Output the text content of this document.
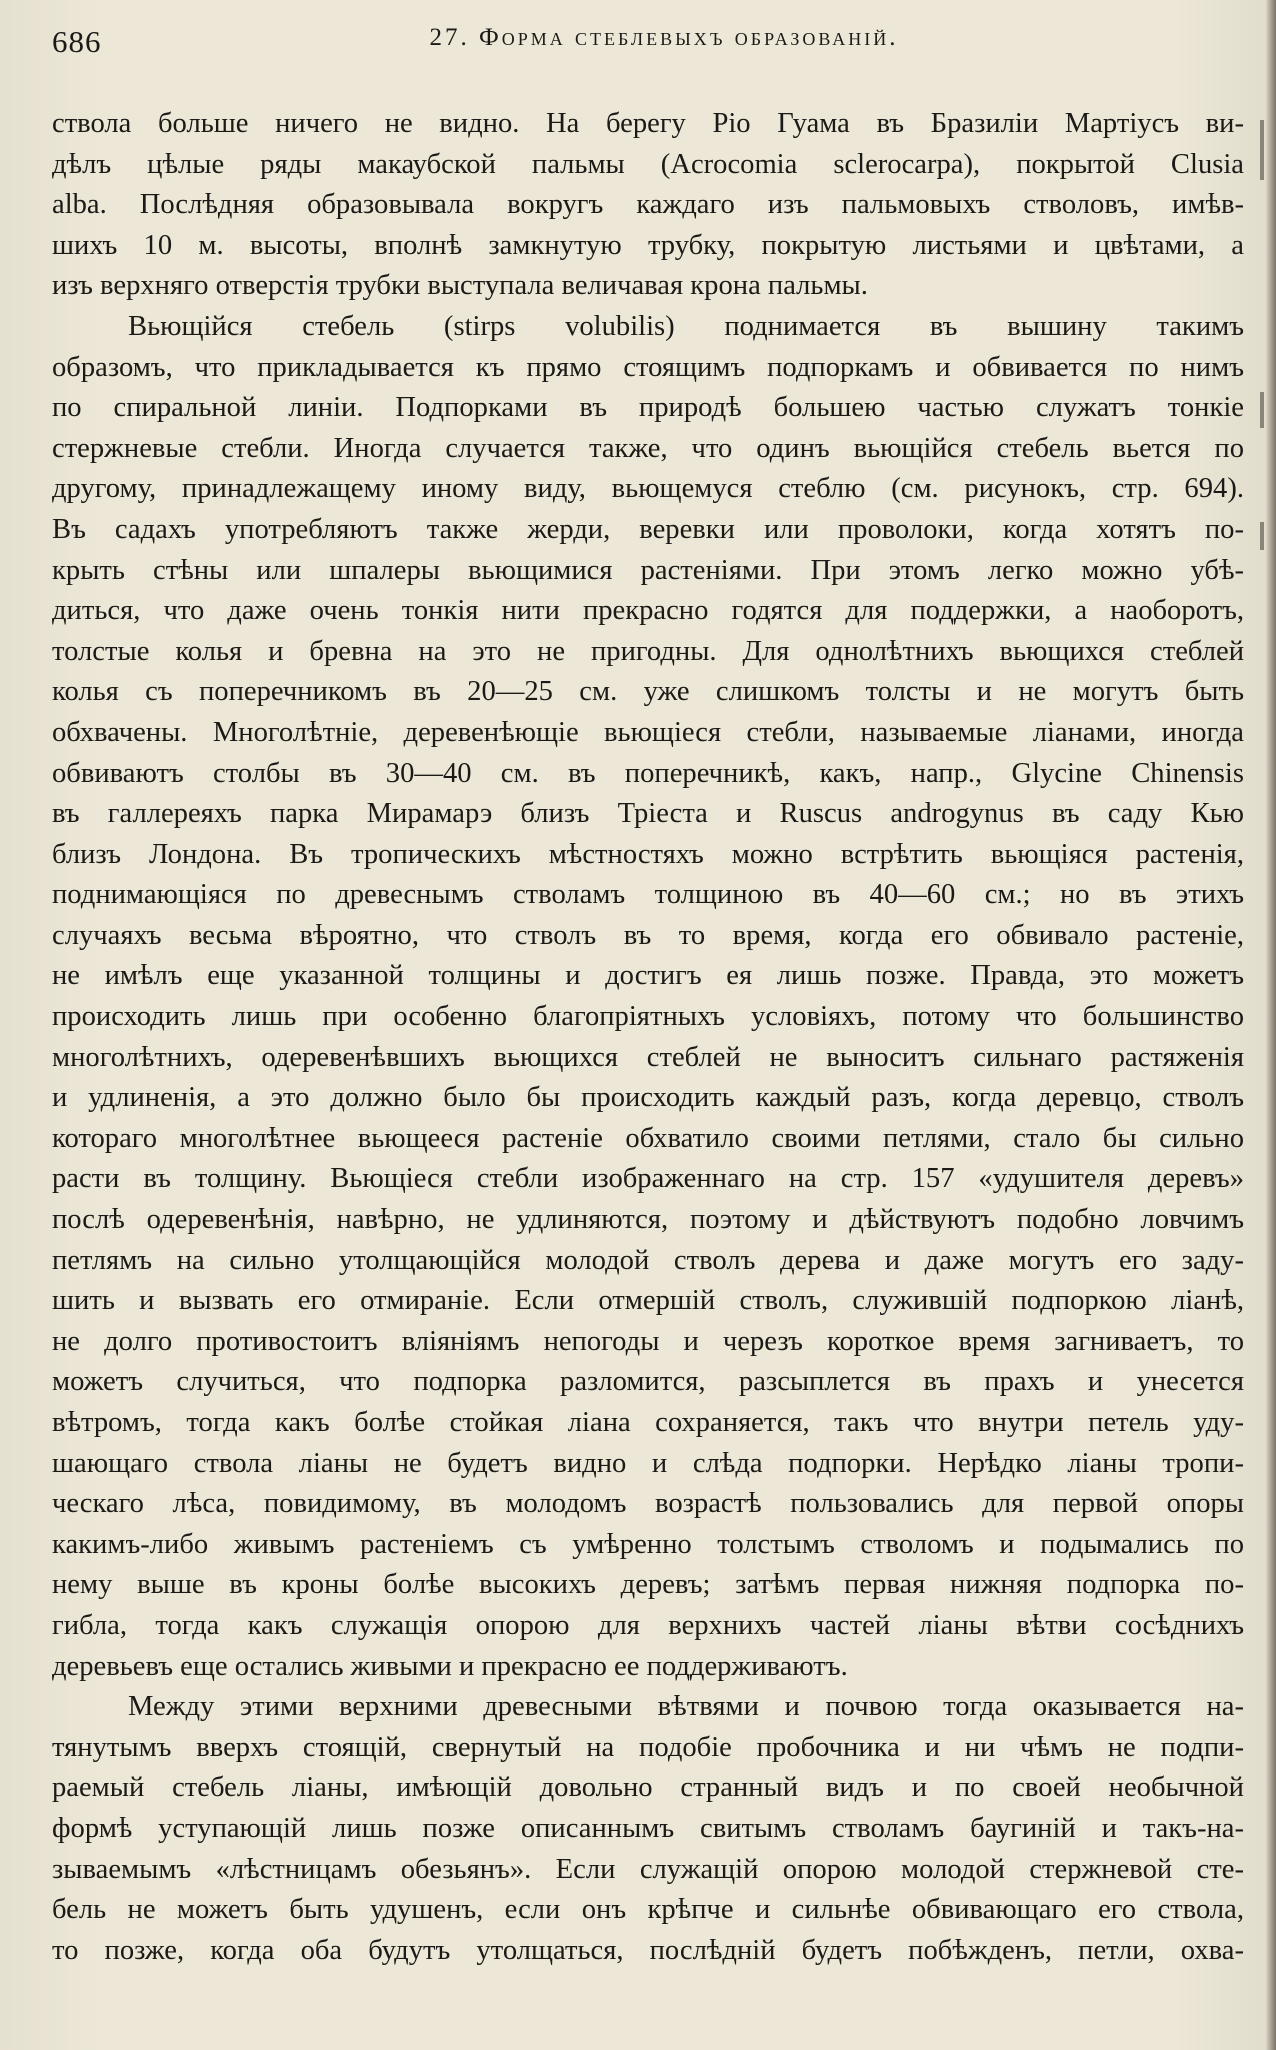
686	27. Форма стеблевыхъ образованiй.
ствола больше ничего не видно. На берегу Рio Гуама въ Бразилiи Мартiусъ ви-
дѣлъ цѣлые ряды макаубской пальмы (Acrocomia sclerocarpa), покрытой Clusia
alba. Послѣдняя образовывала вокругъ каждаго изъ пальмовыхъ стволовъ, имѣв-
шихъ 10 м. высоты, вполнѣ замкнутую трубку, покрытую листьями и цвѣтами, а
изъ верхняго отверстiя трубки выступала величавая крона пальмы.
Вьющiйся стебель (stirps volubilis) поднимается въ вышину такимъ
образомъ, что прикладывается къ прямо стоящимъ подпоркамъ и обвивается по нимъ
по спиральной линiи. Подпорками въ природѣ большею частью служатъ тонкiе
стержневые стебли. Иногда случается также, что одинъ вьющiйся стебель вьется по
другому, принадлежащему иному виду, вьющемуся стеблю (см. рисунокъ, стр. 694).
Въ садахъ употребляютъ также жерди, веревки или проволоки, когда хотятъ по-
крыть стѣны или шпалеры вьющимися растенiями. При этомъ легко можно убѣ-
диться, что даже очень тонкiя нити прекрасно годятся для поддержки, а наоборотъ,
толстые колья и бревна на это не пригодны. Для однолѣтнихъ вьющихся стеблей
колья съ поперечникомъ въ 20—25 см. уже слишкомъ толсты и не могутъ быть
обхвачены. Многолѣтнiе, деревенѣющiе вьющiеся стебли, называемые лiанами, иногда
обвиваютъ столбы въ 30—40 см. въ поперечникѣ, какъ, напр., Glycine Chinensis
въ галлереяхъ парка Мирамарэ близъ Трiеста и Ruscus androgynus въ саду Кью
близъ Лондона. Въ тропическихъ мѣстностяхъ можно встрѣтить вьющiяся растенiя,
поднимающiяся по древеснымъ стволамъ толщиною въ 40—60 см.; но въ этихъ
случаяхъ весьма вѣроятно, что стволъ въ то время, когда его обвивало растенiе,
не имѣлъ еще указанной толщины и достигъ ея лишь позже. Правда, это можетъ
происходить лишь при особенно благопрiятныхъ условiяхъ, потому что большинство
многолѣтнихъ, одеревенѣвшихъ вьющихся стеблей не выноситъ сильнаго растяженiя
и удлиненiя, а это должно было бы происходить каждый разъ, когда деревцо, стволъ
котораго многолѣтнее вьющееся растенiе обхватило своими петлями, стало бы сильно
расти въ толщину. Вьющiеся стебли изображеннаго на стр. 157 «удушителя деревъ»
послѣ одеревенѣнiя, навѣрно, не удлиняются, поэтому и дѣйствуютъ подобно ловчимъ
петлямъ на сильно утолщающiйся молодой стволъ дерева и даже могутъ его заду-
шить и вызвать его отмиранiе. Если отмершiй стволъ, служившiй подпоркою лiанѣ,
не долго противостоитъ влiянiямъ непогоды и черезъ короткое время загниваетъ, то
можетъ случиться, что подпорка разломится, разсыплется въ прахъ и унесется
вѣтромъ, тогда какъ болѣе стойкая лiана сохраняется, такъ что внутри петель уду-
шающаго ствола лiаны не будетъ видно и слѣда подпорки. Нерѣдко лiаны тропи-
ческаго лѣса, повидимому, въ молодомъ возрастѣ пользовались для первой опоры
какимъ-либо живымъ растенiемъ съ умѣренно толстымъ стволомъ и подымались по
нему выше въ кроны болѣе высокихъ деревъ; затѣмъ первая нижняя подпорка по-
гибла, тогда какъ служащiя опорою для верхнихъ частей лiаны вѣтви сосѣднихъ
деревьевъ еще остались живыми и прекрасно ее поддерживаютъ.
Между этими верхними древесными вѣтвями и почвою тогда оказывается на-
тянутымъ вверхъ стоящiй, свернутый на подобiе пробочника и ни чѣмъ не подпи-
раемый стебель лiаны, имѣющiй довольно странный видъ и по своей необычной
формѣ уступающiй лишь позже описаннымъ свитымъ стволамъ баугинiй и такъ-на-
зываемымъ «лѣстницамъ обезьянъ». Если служащiй опорою молодой стержневой сте-
бель не можетъ быть удушенъ, если онъ крѣпче и сильнѣе обвивающаго его ствола,
то позже, когда оба будутъ утолщаться, послѣднiй будетъ побѣжденъ, петли, охва-
